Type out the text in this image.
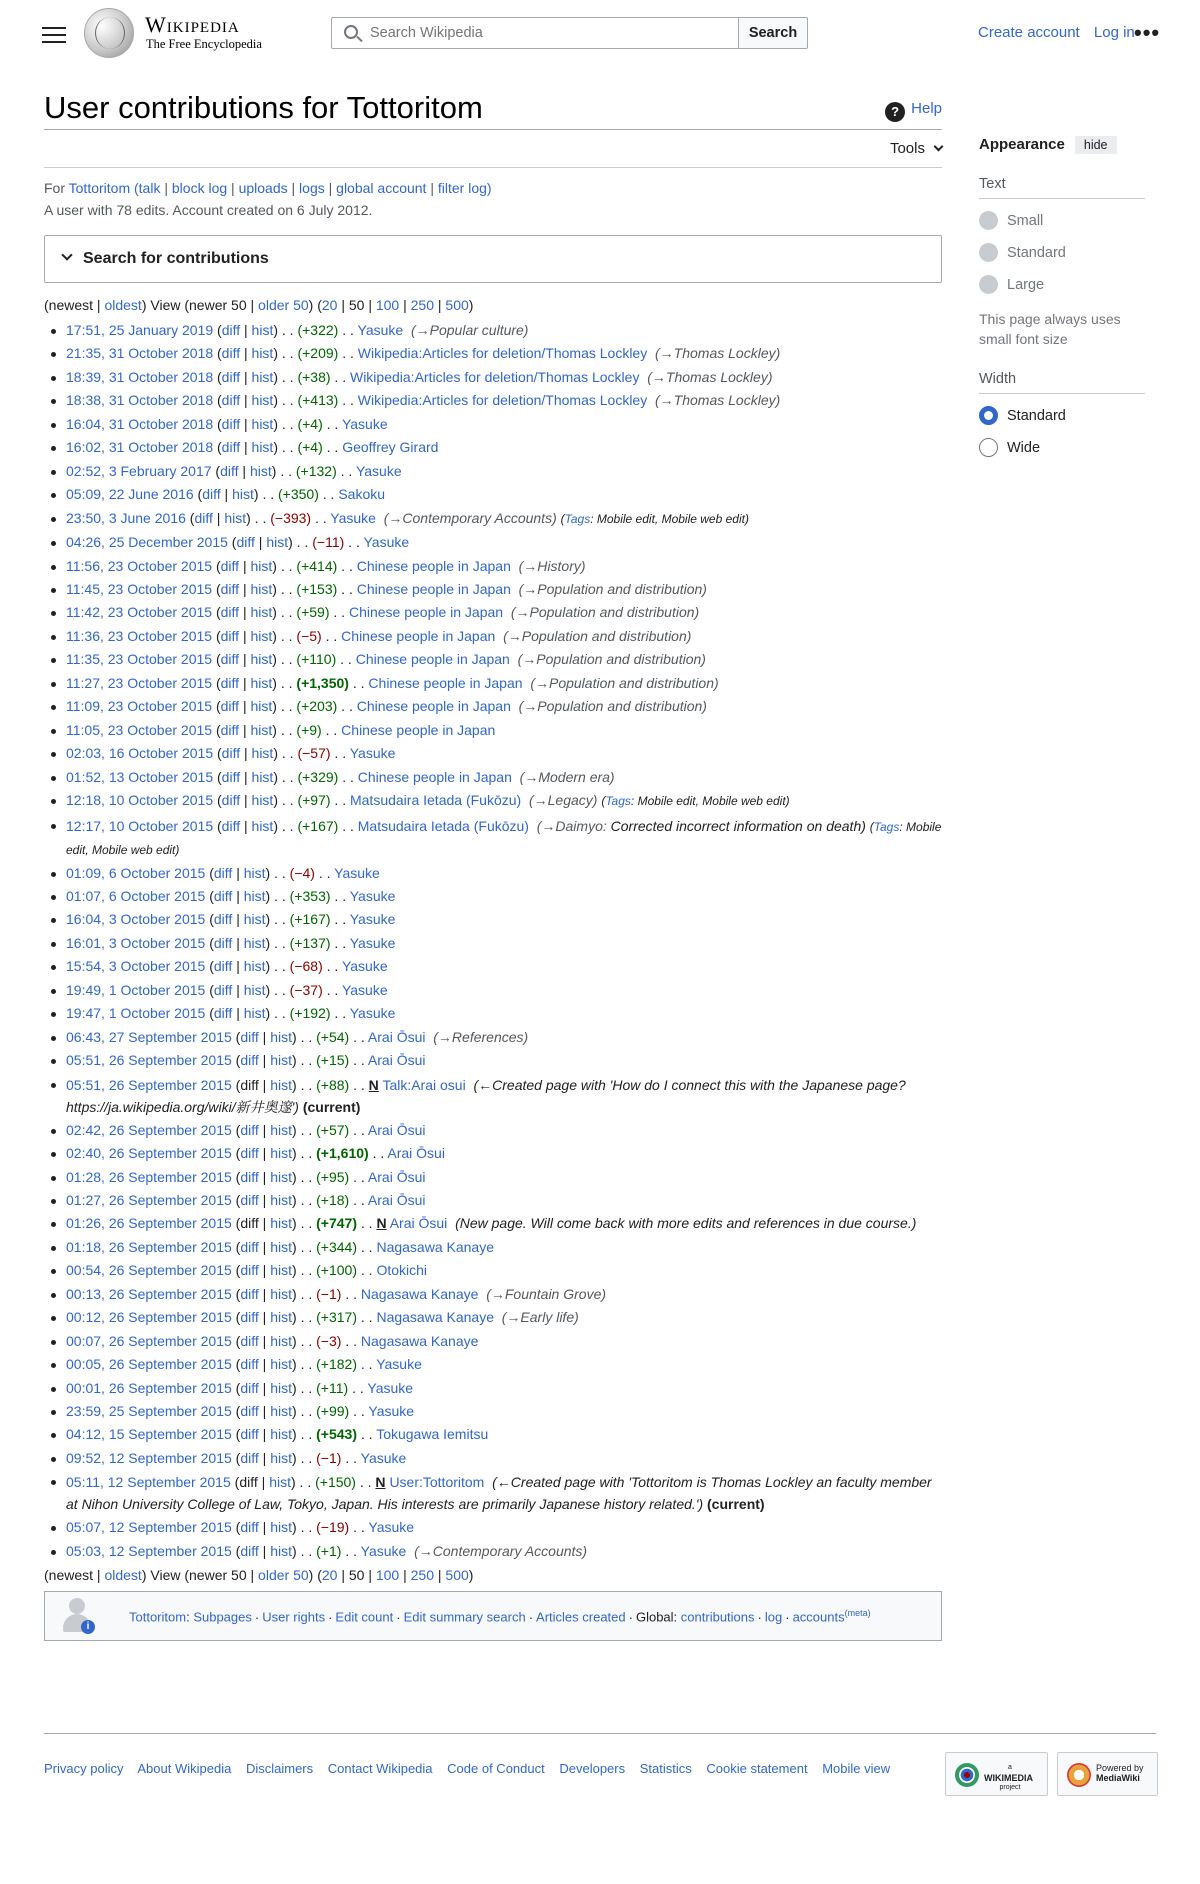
Wikipedia
The Free Encyclopedia
Search Wikipedia
Search	Create account Log in •••
User contributions for Tottoritom	? Help
Tools
For Tottoritom (talk | block log | uploads | logs | global account | filter log)
A user with 78 edits. Account created on 6 July 2012.
Search for contributions
(newest | oldest) View (newer 50 | older 50) (20 | 50 | 100 | 250 | 500)
17:51, 25 January 2019 (diff | hist) . . (+322) . . Yasuke (→Popular culture)
21:35, 31 October 2018 (diff | hist) . . (+209) . . Wikipedia:Articles for deletion/Thomas Lockley (→Thomas Lockley)
18:39, 31 October 2018 (diff | hist) . . (+38) . . Wikipedia:Articles for deletion/Thomas Lockley (→Thomas Lockley)
18:38, 31 October 2018 (diff | hist) . . (+413) . . Wikipedia:Articles for deletion/Thomas Lockley (→Thomas Lockley)
16:04, 31 October 2018 (diff | hist) . . (+4) . . Yasuke
16:02, 31 October 2018 (diff | hist) . . (+4) . . Geoffrey Girard
02:52, 3 February 2017 (diff | hist) . . (+132) . . Yasuke
05:09, 22 June 2016 (diff | hist) . . (+350) . . Sakoku
23:50, 3 June 2016 (diff | hist) . . (−393) . . Yasuke (→Contemporary Accounts) (Tags: Mobile edit, Mobile web edit)
04:26, 25 December 2015 (diff | hist) . . (−11) . . Yasuke
11:56, 23 October 2015 (diff | hist) . . (+414) . . Chinese people in Japan (→History)
11:45, 23 October 2015 (diff | hist) . . (+153) . . Chinese people in Japan (→Population and distribution)
11:42, 23 October 2015 (diff | hist) . . (+59) . . Chinese people in Japan (→Population and distribution)
11:36, 23 October 2015 (diff | hist) . . (−5) . . Chinese people in Japan (→Population and distribution)
11:35, 23 October 2015 (diff | hist) . . (+110) . . Chinese people in Japan (→Population and distribution)
11:27, 23 October 2015 (diff | hist) . . (+1,350) . . Chinese people in Japan (→Population and distribution)
11:09, 23 October 2015 (diff | hist) . . (+203) . . Chinese people in Japan (→Population and distribution)
11:05, 23 October 2015 (diff | hist) . . (+9) . . Chinese people in Japan
02:03, 16 October 2015 (diff | hist) . . (−57) . . Yasuke
01:52, 13 October 2015 (diff | hist) . . (+329) . . Chinese people in Japan (→Modern era)
12:18, 10 October 2015 (diff | hist) . . (+97) . . Matsudaira Ietada (Fukōzu) (→Legacy) (Tags: Mobile edit, Mobile web edit)
12:17, 10 October 2015 (diff | hist) . . (+167) . . Matsudaira Ietada (Fukōzu) (→Daimyo: Corrected incorrect information on death) (Tags: Mobile edit, Mobile web edit)
01:09, 6 October 2015 (diff | hist) . . (−4) . . Yasuke
01:07, 6 October 2015 (diff | hist) . . (+353) . . Yasuke
16:04, 3 October 2015 (diff | hist) . . (+167) . . Yasuke
16:01, 3 October 2015 (diff | hist) . . (+137) . . Yasuke
15:54, 3 October 2015 (diff | hist) . . (−68) . . Yasuke
19:49, 1 October 2015 (diff | hist) . . (−37) . . Yasuke
19:47, 1 October 2015 (diff | hist) . . (+192) . . Yasuke
06:43, 27 September 2015 (diff | hist) . . (+54) . . Arai Ōsui (→References)
05:51, 26 September 2015 (diff | hist) . . (+15) . . Arai Ōsui
05:51, 26 September 2015 (diff | hist) . . (+88) . . N Talk:Arai osui (←Created page with 'How do I connect this with the Japanese page? https://ja.wikipedia.org/wiki/新井奥邃') (current)
02:42, 26 September 2015 (diff | hist) . . (+57) . . Arai Ōsui
02:40, 26 September 2015 (diff | hist) . . (+1,610) . . Arai Ōsui
01:28, 26 September 2015 (diff | hist) . . (+95) . . Arai Ōsui
01:27, 26 September 2015 (diff | hist) . . (+18) . . Arai Ōsui
01:26, 26 September 2015 (diff | hist) . . (+747) . . N Arai Ōsui (New page. Will come back with more edits and references in due course.)
01:18, 26 September 2015 (diff | hist) . . (+344) . . Nagasawa Kanaye
00:54, 26 September 2015 (diff | hist) . . (+100) . . Otokichi
00:13, 26 September 2015 (diff | hist) . . (−1) . . Nagasawa Kanaye (→Fountain Grove)
00:12, 26 September 2015 (diff | hist) . . (+317) . . Nagasawa Kanaye (→Early life)
00:07, 26 September 2015 (diff | hist) . . (−3) . . Nagasawa Kanaye
00:05, 26 September 2015 (diff | hist) . . (+182) . . Yasuke
00:01, 26 September 2015 (diff | hist) . . (+11) . . Yasuke
23:59, 25 September 2015 (diff | hist) . . (+99) . . Yasuke
04:12, 15 September 2015 (diff | hist) . . (+543) . . Tokugawa Iemitsu
09:52, 12 September 2015 (diff | hist) . . (−1) . . Yasuke
05:11, 12 September 2015 (diff | hist) . . (+150) . . N User:Tottoritom (←Created page with 'Tottoritom is Thomas Lockley an faculty member at Nihon University College of Law, Tokyo, Japan. His interests are primarily Japanese history related.') (current)
05:07, 12 September 2015 (diff | hist) . . (−19) . . Yasuke
05:03, 12 September 2015 (diff | hist) . . (+1) . . Yasuke (→Contemporary Accounts)
(newest | oldest) View (newer 50 | older 50) (20 | 50 | 100 | 250 | 500)
i
Tottoritom: Subpages · User rights · Edit count · Edit summary search · Articles created · Global: contributions · log · accounts$^{(meta)}$
Appearance hide
Text
Small
Standard
Large
This page always uses small font size
Width
Standard
Wide
Privacy policy About Wikipedia Disclaimers Contact Wikipedia Code of Conduct Developers Statistics Cookie statement Mobile view	a
WIKIMEDIA
project
Powered by
MediaWiki
